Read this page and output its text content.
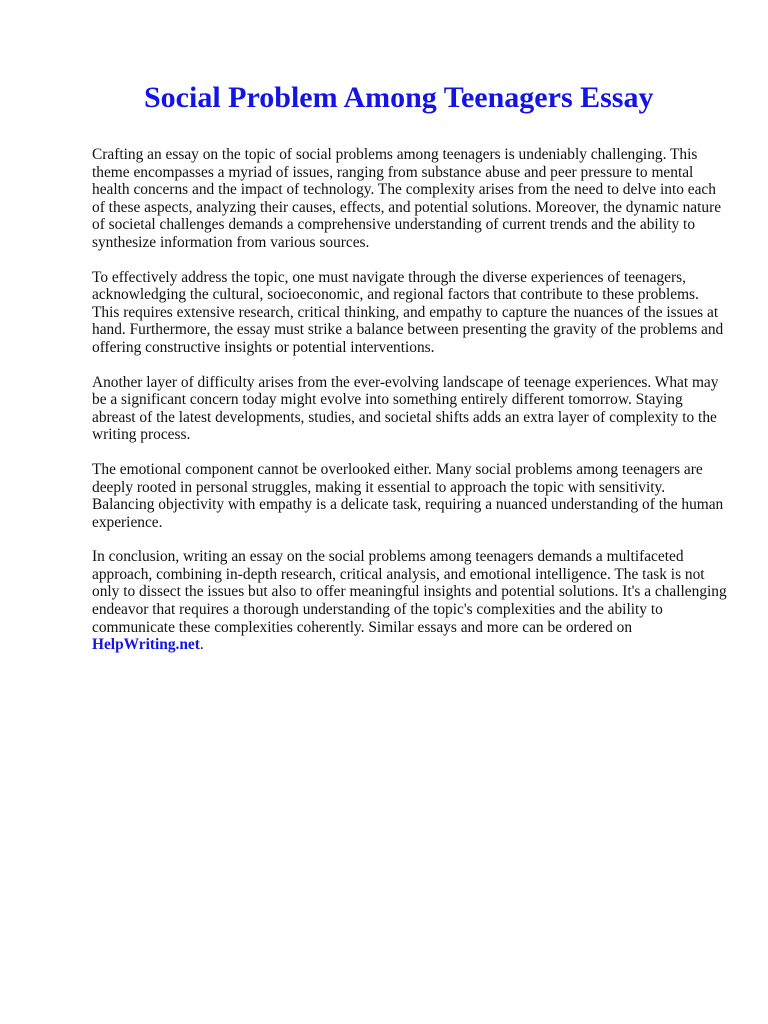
Social Problem Among Teenagers Essay

Crafting an essay on the topic of social problems among teenagers is undeniably challenging. This theme encompasses a myriad of issues, ranging from substance abuse and peer pressure to mental health concerns and the impact of technology. The complexity arises from the need to delve into each of these aspects, analyzing their causes, effects, and potential solutions. Moreover, the dynamic nature of societal challenges demands a comprehensive understanding of current trends and the ability to synthesize information from various sources.

To effectively address the topic, one must navigate through the diverse experiences of teenagers, acknowledging the cultural, socioeconomic, and regional factors that contribute to these problems. This requires extensive research, critical thinking, and empathy to capture the nuances of the issues at hand. Furthermore, the essay must strike a balance between presenting the gravity of the problems and offering constructive insights or potential interventions.

Another layer of difficulty arises from the ever-evolving landscape of teenage experiences. What may be a significant concern today might evolve into something entirely different tomorrow. Staying abreast of the latest developments, studies, and societal shifts adds an extra layer of complexity to the writing process.

The emotional component cannot be overlooked either. Many social problems among teenagers are deeply rooted in personal struggles, making it essential to approach the topic with sensitivity. Balancing objectivity with empathy is a delicate task, requiring a nuanced understanding of the human experience.

In conclusion, writing an essay on the social problems among teenagers demands a multifaceted approach, combining in-depth research, critical analysis, and emotional intelligence. The task is not only to dissect the issues but also to offer meaningful insights and potential solutions. It's a challenging endeavor that requires a thorough understanding of the topic's complexities and the ability to communicate these complexities coherently. Similar essays and more can be ordered on HelpWriting.net.
